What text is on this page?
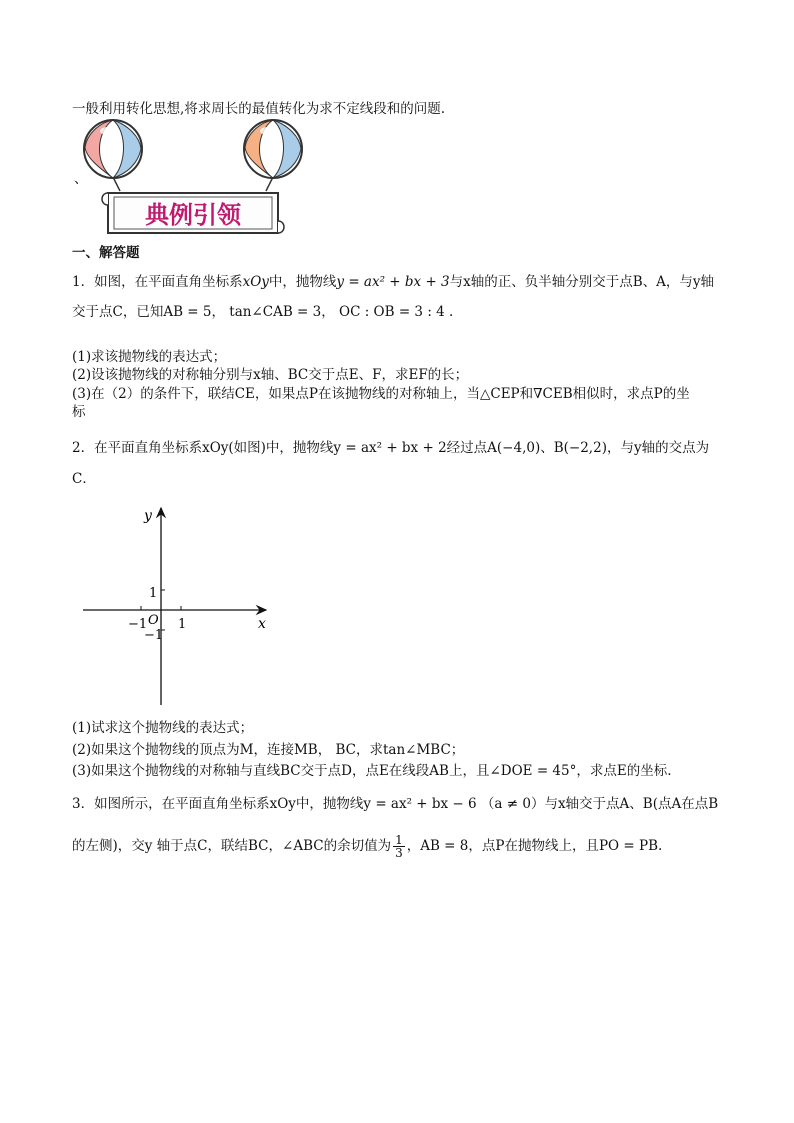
一般利用转化思想,将求周长的最值转化为求不定线段和的问题.
、
典例引领
一、解答题
1．如图，在平面直角坐标系xOy中，抛物线y = ax² + bx + 3与x轴的正、负半轴分别交于点B、A，与y轴
交于点C，已知AB = 5， tan∠CAB = 3， OC : OB = 3 : 4 .
(1)求该抛物线的表达式；
(2)设该抛物线的对称轴分别与x轴、BC交于点E、F，求EF的长；
(3)在（2）的条件下，联结CE，如果点P在该抛物线的对称轴上，当△CEP和∇CEB相似时，求点P的坐
标
2．在平面直角坐标系xOy(如图)中，抛物线y = ax² + bx + 2经过点A(−4,0)、B(−2,2)，与y轴的交点为
C．
y
x
O
−1 1
1
−1
(1)试求这个抛物线的表达式；
(2)如果这个抛物线的顶点为M，连接MB， BC，求tan∠MBC；
(3)如果这个抛物线的对称轴与直线BC交于点D，点E在线段AB上，且∠DOE = 45°，求点E的坐标.
3．如图所示，在平面直角坐标系xOy中，抛物线y = ax² + bx − 6 （a ≠ 0）与x轴交于点A、B(点A在点B
的左侧)，交y 轴于点C，联结BC，∠ABC的余切值为 $\frac{1}{3}$ ，AB = 8，点P在抛物线上，且PO = PB.
